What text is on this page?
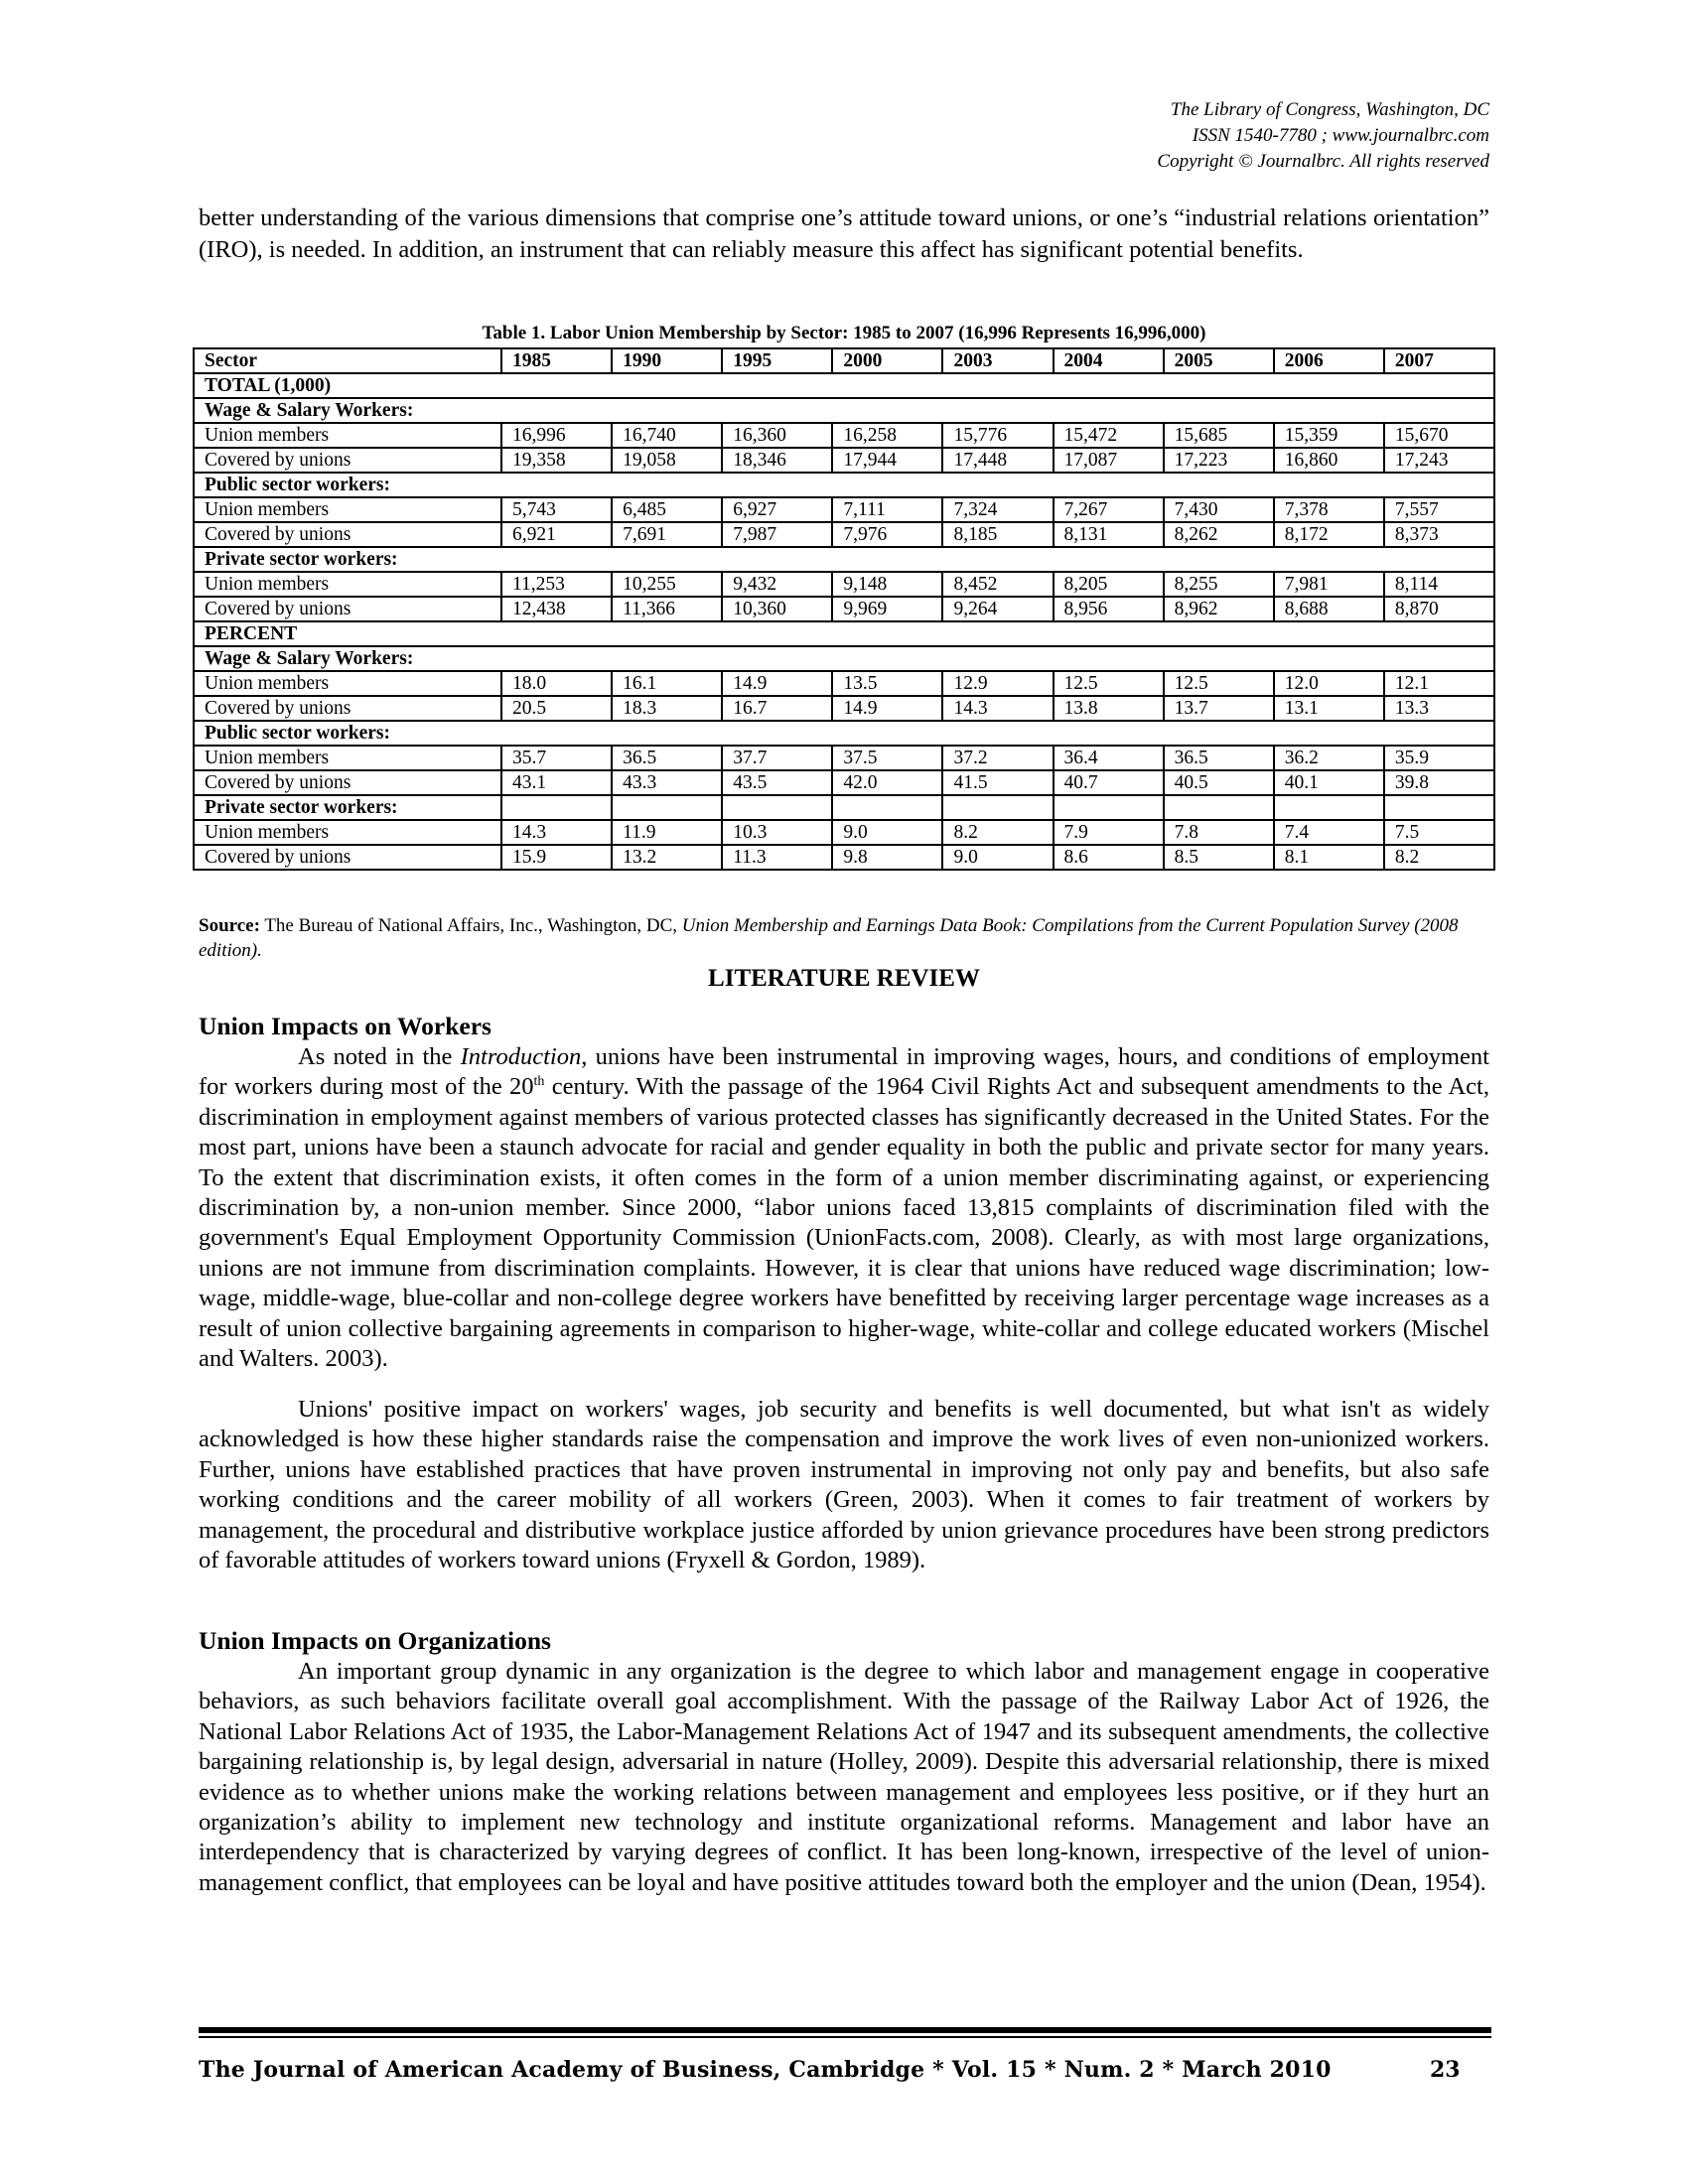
The Library of Congress, Washington, DC
ISSN 1540-7780 ; www.journalbrc.com
Copyright © Journalbrc. All rights reserved
better understanding of the various dimensions that comprise one’s attitude toward unions, or one’s “industrial relations orientation” (IRO), is needed. In addition, an instrument that can reliably measure this affect has significant potential benefits.
Table 1. Labor Union Membership by Sector: 1985 to 2007 (16,996 Represents 16,996,000)
Sector	1985	1990	1995	2000	2003	2004	2005	2006	2007
TOTAL (1,000)									
Wage & Salary Workers:									
Union members	16,996	16,740	16,360	16,258	15,776	15,472	15,685	15,359	15,670
Covered by unions	19,358	19,058	18,346	17,944	17,448	17,087	17,223	16,860	17,243
Public sector workers:									
Union members	5,743	6,485	6,927	7,111	7,324	7,267	7,430	7,378	7,557
Covered by unions	6,921	7,691	7,987	7,976	8,185	8,131	8,262	8,172	8,373
Private sector workers:									
Union members	11,253	10,255	9,432	9,148	8,452	8,205	8,255	7,981	8,114
Covered by unions	12,438	11,366	10,360	9,969	9,264	8,956	8,962	8,688	8,870
PERCENT									
Wage & Salary Workers:									
Union members	18.0	16.1	14.9	13.5	12.9	12.5	12.5	12.0	12.1
Covered by unions	20.5	18.3	16.7	14.9	14.3	13.8	13.7	13.1	13.3
Public sector workers:									
Union members	35.7	36.5	37.7	37.5	37.2	36.4	36.5	36.2	35.9
Covered by unions	43.1	43.3	43.5	42.0	41.5	40.7	40.5	40.1	39.8
Private sector workers:									
Union members	14.3	11.9	10.3	9.0	8.2	7.9	7.8	7.4	7.5
Covered by unions	15.9	13.2	11.3	9.8	9.0	8.6	8.5	8.1	8.2
Source: The Bureau of National Affairs, Inc., Washington, DC, Union Membership and Earnings Data Book: Compilations from the Current Population Survey (2008 edition).
LITERATURE REVIEW
Union Impacts on Workers
As noted in the Introduction, unions have been instrumental in improving wages, hours, and conditions of employment for workers during most of the 20th century. With the passage of the 1964 Civil Rights Act and subsequent amendments to the Act, discrimination in employment against members of various protected classes has significantly decreased in the United States. For the most part, unions have been a staunch advocate for racial and gender equality in both the public and private sector for many years. To the extent that discrimination exists, it often comes in the form of a union member discriminating against, or experiencing discrimination by, a non-union member. Since 2000, “labor unions faced 13,815 complaints of discrimination filed with the government's Equal Employment Opportunity Commission (UnionFacts.com, 2008). Clearly, as with most large organizations, unions are not immune from discrimination complaints. However, it is clear that unions have reduced wage discrimination; low-wage, middle-wage, blue-collar and non-college degree workers have benefitted by receiving larger percentage wage increases as a result of union collective bargaining agreements in comparison to higher-wage, white-collar and college educated workers (Mischel and Walters. 2003).
Unions' positive impact on workers' wages, job security and benefits is well documented, but what isn't as widely acknowledged is how these higher standards raise the compensation and improve the work lives of even non-unionized workers. Further, unions have established practices that have proven instrumental in improving not only pay and benefits, but also safe working conditions and the career mobility of all workers (Green, 2003). When it comes to fair treatment of workers by management, the procedural and distributive workplace justice afforded by union grievance procedures have been strong predictors of favorable attitudes of workers toward unions (Fryxell & Gordon, 1989).
Union Impacts on Organizations
An important group dynamic in any organization is the degree to which labor and management engage in cooperative behaviors, as such behaviors facilitate overall goal accomplishment. With the passage of the Railway Labor Act of 1926, the National Labor Relations Act of 1935, the Labor-Management Relations Act of 1947 and its subsequent amendments, the collective bargaining relationship is, by legal design, adversarial in nature (Holley, 2009). Despite this adversarial relationship, there is mixed evidence as to whether unions make the working relations between management and employees less positive, or if they hurt an organization’s ability to implement new technology and institute organizational reforms. Management and labor have an interdependency that is characterized by varying degrees of conflict. It has been long-known, irrespective of the level of union-management conflict, that employees can be loyal and have positive attitudes toward both the employer and the union (Dean, 1954).
The Journal of American Academy of Business, Cambridge * Vol. 15 * Num. 2 * March 2010	23
